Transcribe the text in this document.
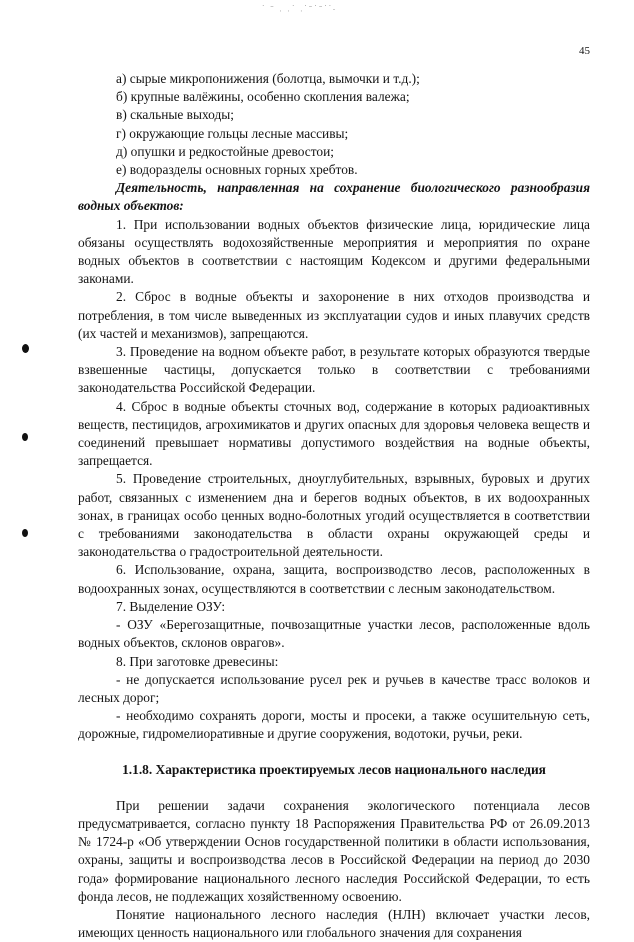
˙ ⁻ ˌ ˌ˙ ˌ˙⁻˙⁻˙˙.
45

а) сырые микропонижения (болотца, вымочки и т.д.);

б) крупные валёжины, особенно скопления валежа;

в) скальные выходы;

г) окружающие гольцы лесные массивы;

д) опушки и редкостойные древостои;

е) водоразделы основных горных хребтов.

Деятельность, направленная на сохранение биологического разнообразия водных объектов:

1. При использовании водных объектов физические лица, юридические лица обязаны осуществлять водохозяйственные мероприятия и мероприятия по охране водных объектов в соответствии с настоящим Кодексом и другими федеральными законами.

2. Сброс в водные объекты и захоронение в них отходов производства и потребления, в том числе выведенных из эксплуатации судов и иных плавучих средств (их частей и механизмов), запрещаются.

3. Проведение на водном объекте работ, в результате которых образуются твердые взвешенные частицы, допускается только в соответствии с требованиями законодательства Российской Федерации.

4. Сброс в водные объекты сточных вод, содержание в которых радиоактивных веществ, пестицидов, агрохимикатов и других опасных для здоровья человека веществ и соединений превышает нормативы допустимого воздействия на водные объекты, запрещается.

5. Проведение строительных, дноуглубительных, взрывных, буровых и других работ, связанных с изменением дна и берегов водных объектов, в их водоохранных зонах, в границах особо ценных водно-болотных угодий осуществляется в соответствии с требованиями законодательства в области охраны окружающей среды и законодательства о градостроительной деятельности.

6. Использование, охрана, защита, воспроизводство лесов, расположенных в водоохранных зонах, осуществляются в соответствии с лесным законодательством.

7. Выделение ОЗУ:

- ОЗУ «Берегозащитные, почвозащитные участки лесов, расположенные вдоль водных объектов, склонов оврагов».

8. При заготовке древесины:

- не допускается использование русел рек и ручьев в качестве трасс волоков и лесных дорог;

- необходимо сохранять дороги, мосты и просеки, а также осушительную сеть, дорожные, гидромелиоративные и другие сооружения, водотоки, ручьи, реки.

1.1.8. Характеристика проектируемых лесов национального наследия

При решении задачи сохранения экологического потенциала лесов предусматривается, согласно пункту 18 Распоряжения Правительства РФ от 26.09.2013 № 1724-р «Об утверждении Основ государственной политики в области использования, охраны, защиты и воспроизводства лесов в Российской Федерации на период до 2030 года» формирование национального лесного наследия Российской Федерации, то есть фонда лесов, не подлежащих хозяйственному освоению.

Понятие национального лесного наследия (НЛН) включает участки лесов, имеющих ценность национального или глобального значения для сохранения
